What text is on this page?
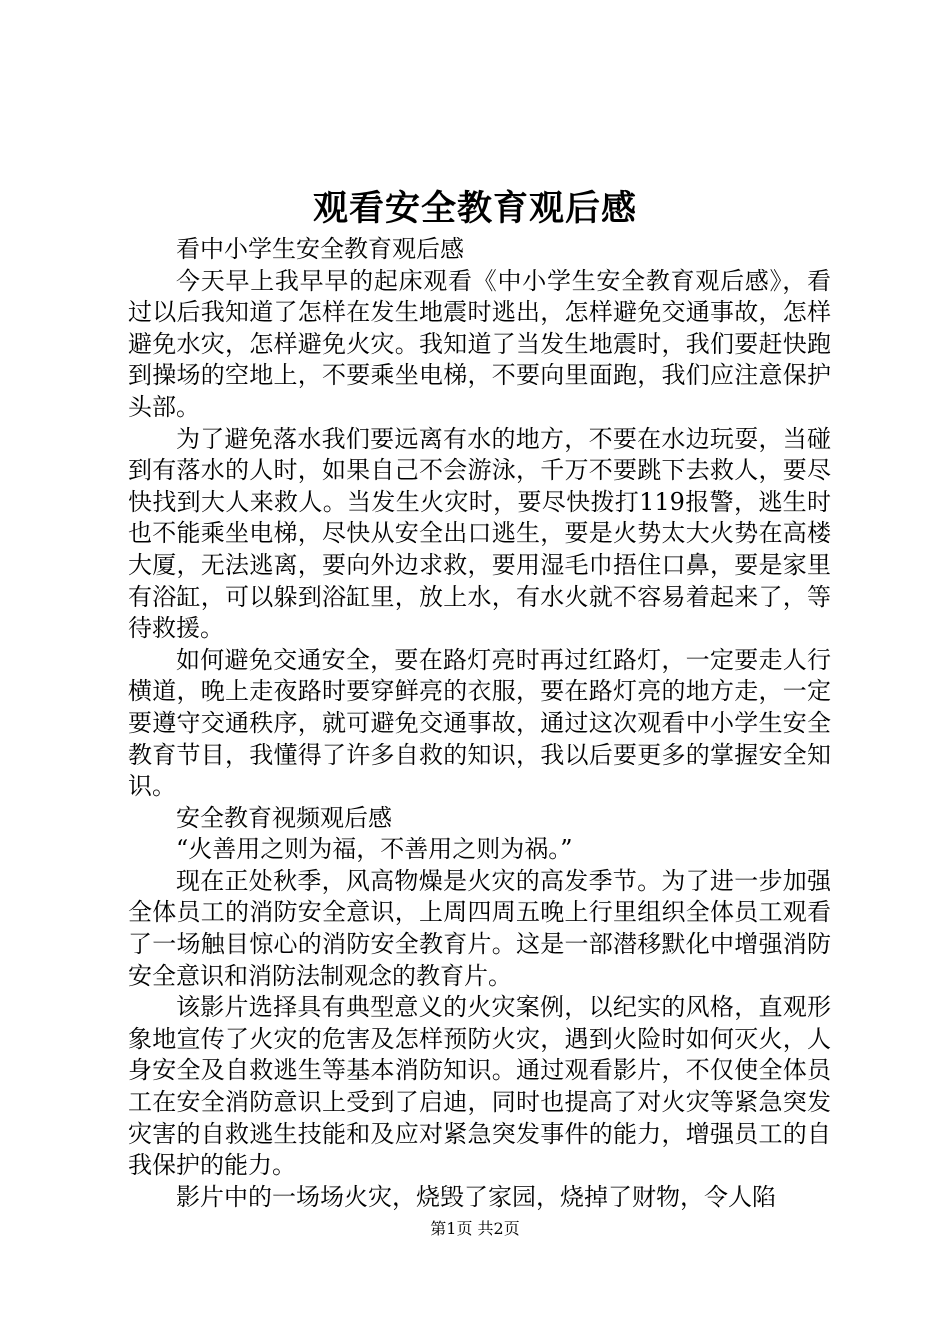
观看安全教育观后感

看中小学生安全教育观后感

今天早上我早早的起床观看《中小学生安全教育观后感》，看过以后我知道了怎样在发生地震时逃出，怎样避免交通事故，怎样避免水灾，怎样避免火灾。我知道了当发生地震时，我们要赶快跑到操场的空地上，不要乘坐电梯，不要向里面跑，我们应注意保护头部。

为了避免落水我们要远离有水的地方，不要在水边玩耍，当碰到有落水的人时，如果自己不会游泳，千万不要跳下去救人，要尽快找到大人来救人。当发生火灾时，要尽快拨打119报警，逃生时也不能乘坐电梯，尽快从安全出口逃生，要是火势太大火势在高楼大厦，无法逃离，要向外边求救，要用湿毛巾捂住口鼻，要是家里有浴缸，可以躲到浴缸里，放上水，有水火就不容易着起来了，等待救援。

如何避免交通安全，要在路灯亮时再过红路灯，一定要走人行横道，晚上走夜路时要穿鲜亮的衣服，要在路灯亮的地方走，一定要遵守交通秩序，就可避免交通事故，通过这次观看中小学生安全教育节目，我懂得了许多自救的知识，我以后要更多的掌握安全知识。

安全教育视频观后感

“火善用之则为福，不善用之则为祸。”

现在正处秋季，风高物燥是火灾的高发季节。为了进一步加强全体员工的消防安全意识，上周四周五晚上行里组织全体员工观看了一场触目惊心的消防安全教育片。这是一部潜移默化中增强消防安全意识和消防法制观念的教育片。

该影片选择具有典型意义的火灾案例，以纪实的风格，直观形象地宣传了火灾的危害及怎样预防火灾，遇到火险时如何灭火，人身安全及自救逃生等基本消防知识。通过观看影片，不仅使全体员工在安全消防意识上受到了启迪，同时也提高了对火灾等紧急突发灾害的自救逃生技能和及应对紧急突发事件的能力，增强员工的自我保护的能力。

影片中的一场场火灾，烧毁了家园，烧掉了财物，令人陷

第1页 共2页
